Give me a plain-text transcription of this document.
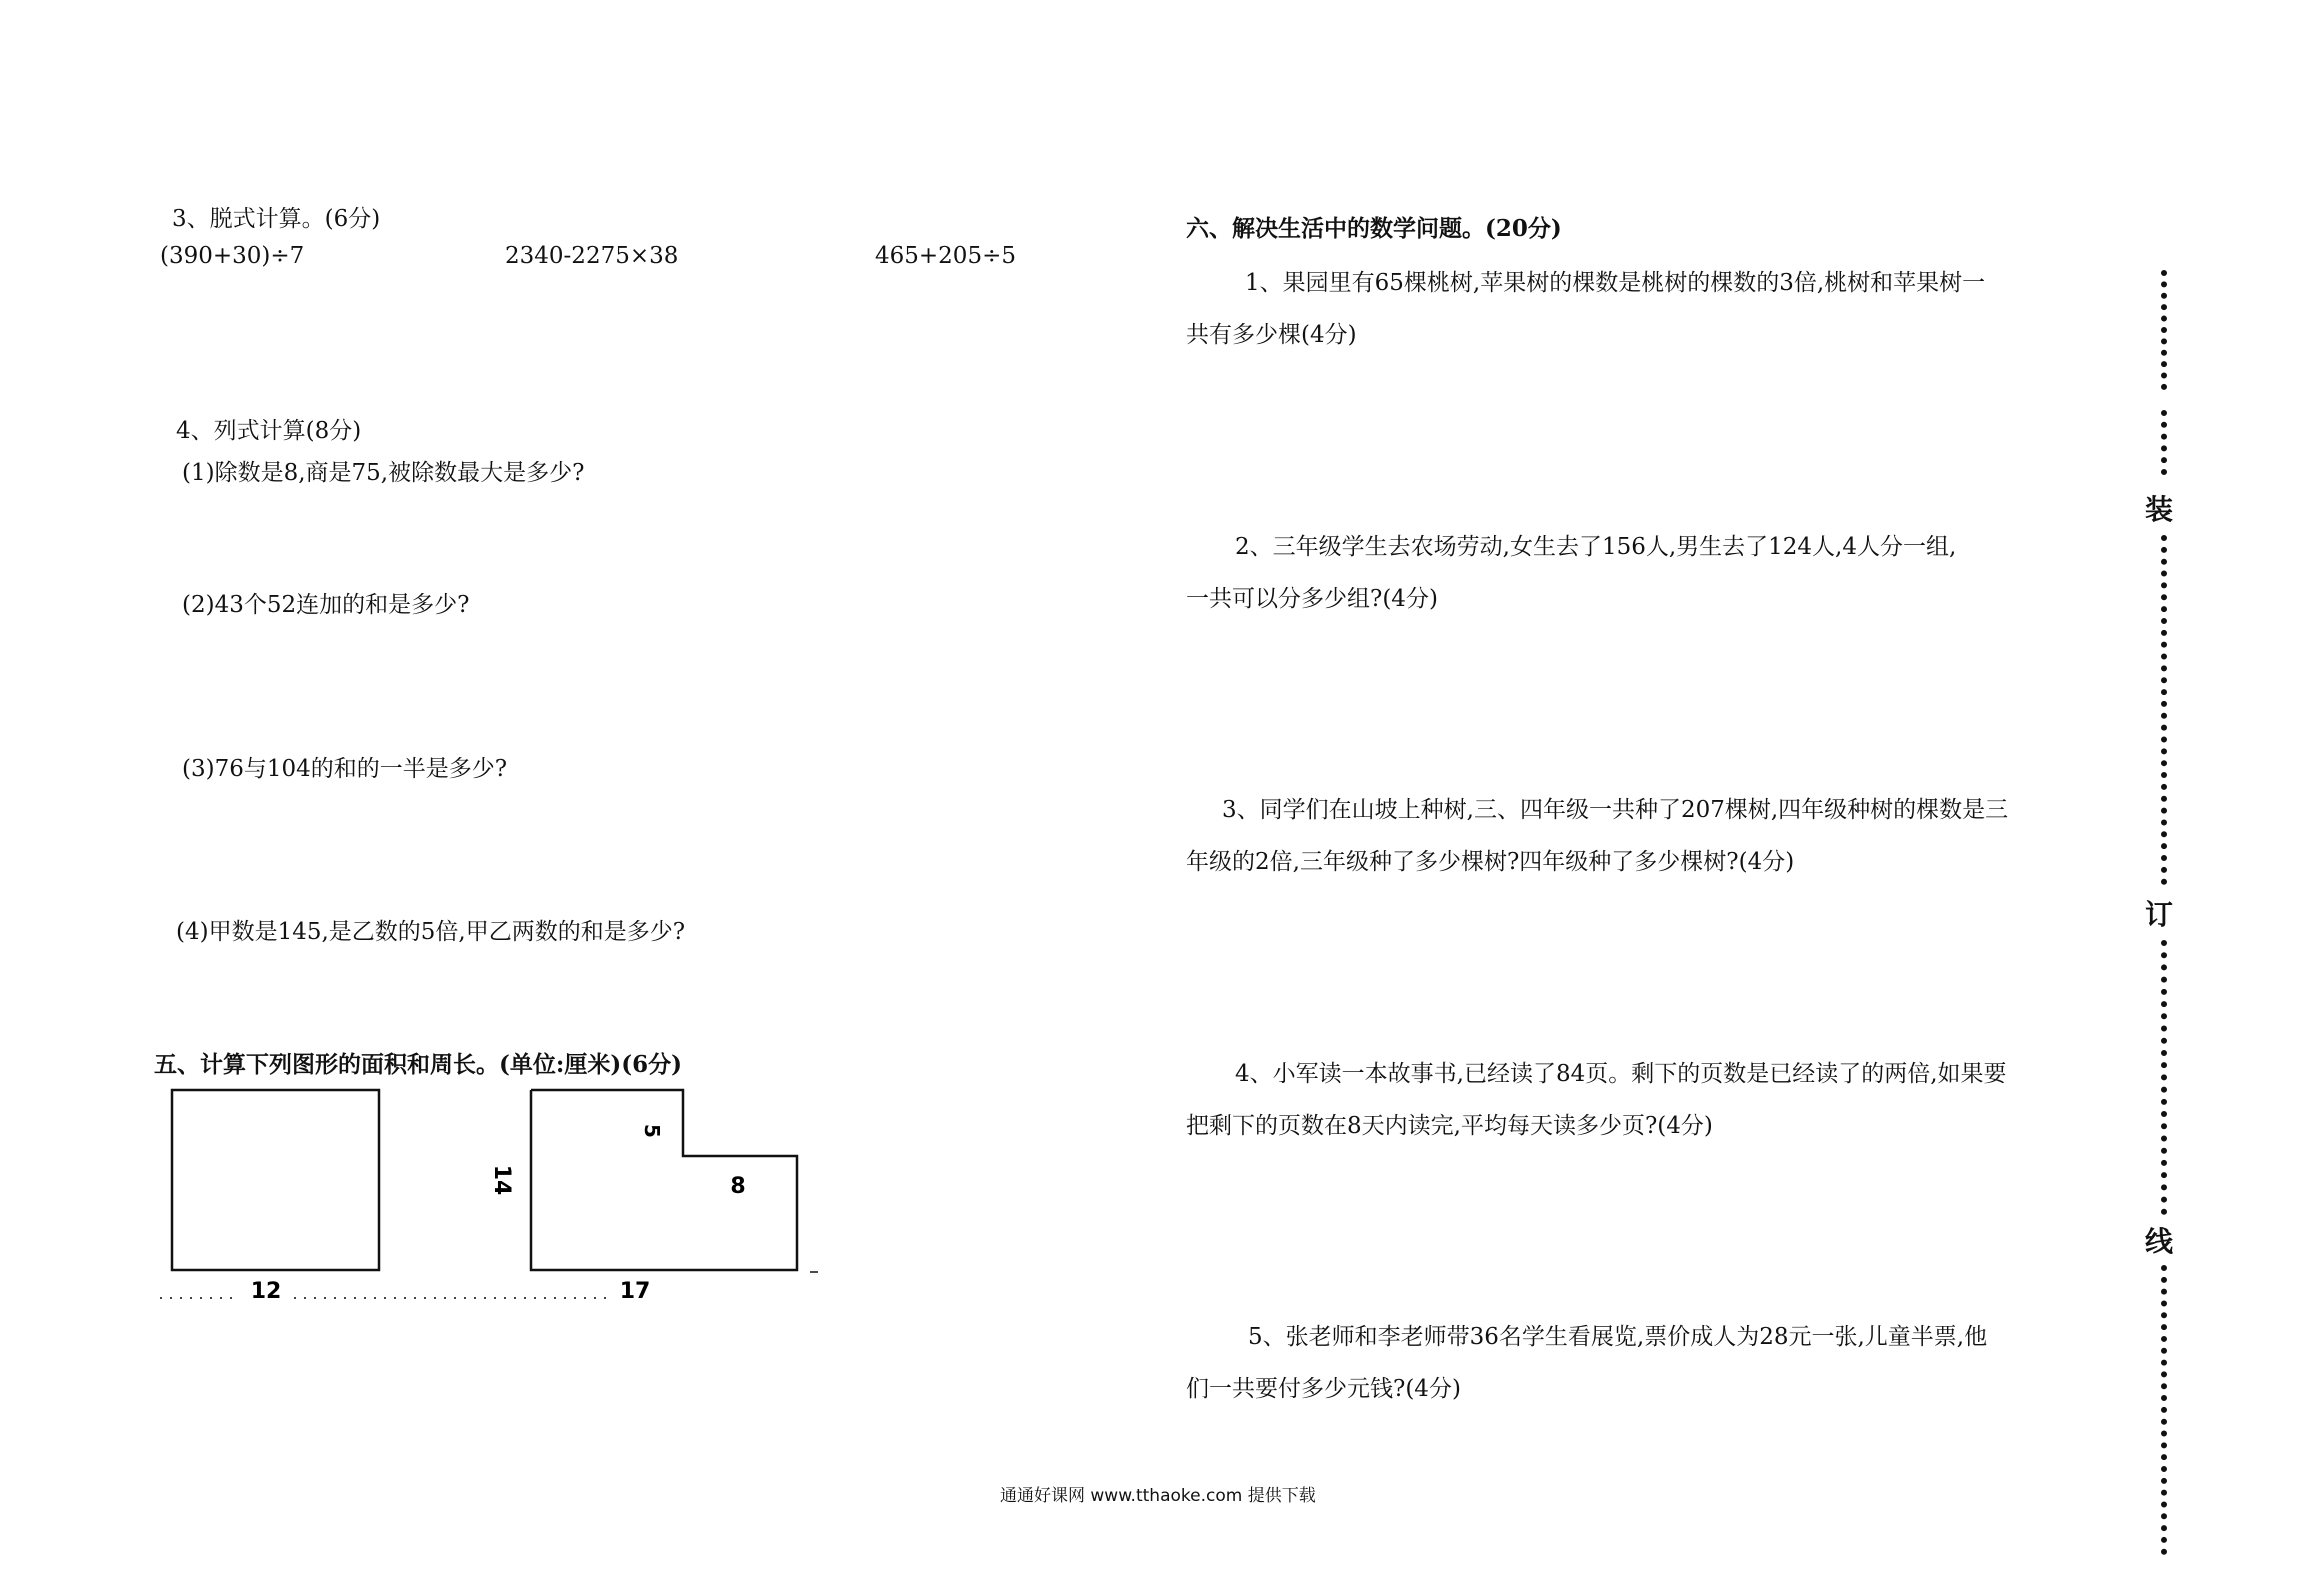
3、脱式计算。(6分)
(390+30)÷7	2340-2275×38	465+205÷5
4、列式计算(8分)
(1)除数是8,商是75,被除数最大是多少?
(2)43个52连加的和是多少?
(3)76与104的和的一半是多少?
(4)甲数是145,是乙数的5倍,甲乙两数的和是多少?
五、计算下列图形的面积和周长。(单位:厘米)(6分)
12	17
8
5
14
六、解决生活中的数学问题。(20分)
1、果园里有65棵桃树,苹果树的棵数是桃树的棵数的3倍,桃树和苹果树一
共有多少棵(4分)
2、三年级学生去农场劳动,女生去了156人,男生去了124人,4人分一组,
一共可以分多少组?(4分)
3、同学们在山坡上种树,三、四年级一共种了207棵树,四年级种树的棵数是三
年级的2倍,三年级种了多少棵树?四年级种了多少棵树?(4分)
4、小军读一本故事书,已经读了84页。剩下的页数是已经读了的两倍,如果要
把剩下的页数在8天内读完,平均每天读多少页?(4分)
5、张老师和李老师带36名学生看展览,票价成人为28元一张,儿童半票,他
们一共要付多少元钱?(4分)
装
订
线
通通好课网 www.tthaoke.com 提供下载
